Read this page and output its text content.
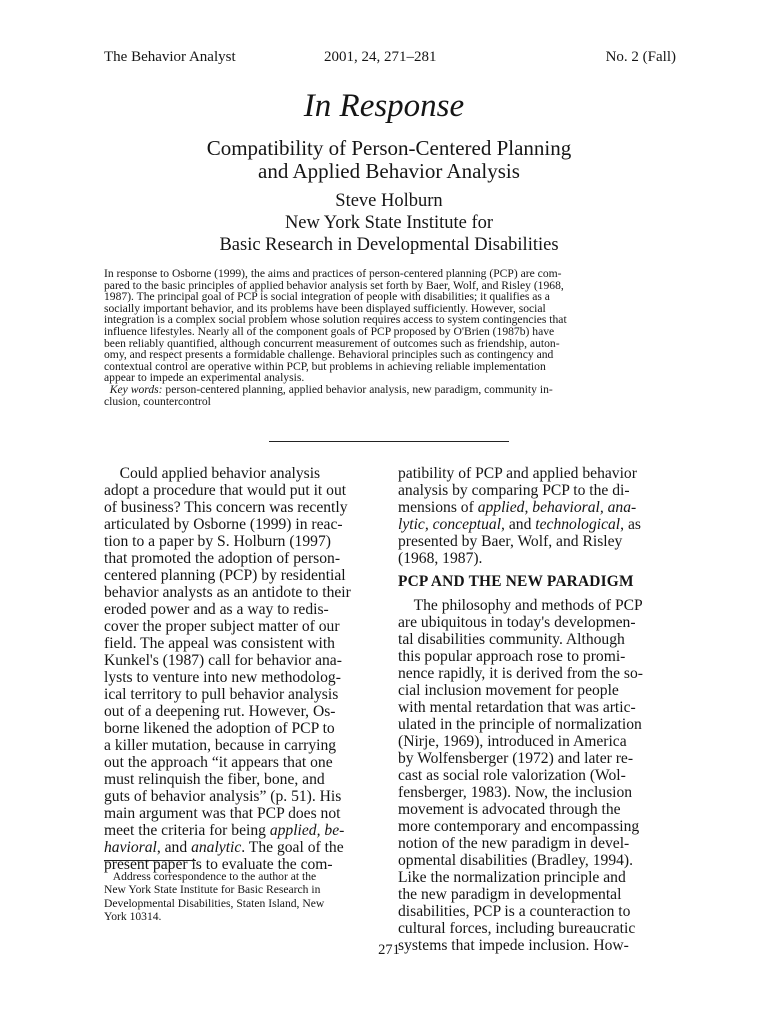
The Behavior Analyst	2001, 24, 271–281	No. 2 (Fall)
In Response
Compatibility of Person-Centered Planning
and Applied Behavior Analysis
Steve Holburn
New York State Institute for
Basic Research in Developmental Disabilities
In response to Osborne (1999), the aims and practices of person-centered planning (PCP) are com-
pared to the basic principles of applied behavior analysis set forth by Baer, Wolf, and Risley (1968,
1987). The principal goal of PCP is social integration of people with disabilities; it qualifies as a
socially important behavior, and its problems have been displayed sufficiently. However, social
integration is a complex social problem whose solution requires access to system contingencies that
influence lifestyles. Nearly all of the component goals of PCP proposed by O'Brien (1987b) have
been reliably quantified, although concurrent measurement of outcomes such as friendship, auton-
omy, and respect presents a formidable challenge. Behavioral principles such as contingency and
contextual control are operative within PCP, but problems in achieving reliable implementation
appear to impede an experimental analysis.
Key words: person-centered planning, applied behavior analysis, new paradigm, community in-
clusion, countercontrol
Could applied behavior analysis
adopt a procedure that would put it out
of business? This concern was recently
articulated by Osborne (1999) in reac-
tion to a paper by S. Holburn (1997)
that promoted the adoption of person-
centered planning (PCP) by residential
behavior analysts as an antidote to their
eroded power and as a way to redis-
cover the proper subject matter of our
field. The appeal was consistent with
Kunkel's (1987) call for behavior ana-
lysts to venture into new methodolog-
ical territory to pull behavior analysis
out of a deepening rut. However, Os-
borne likened the adoption of PCP to
a killer mutation, because in carrying
out the approach “it appears that one
must relinquish the fiber, bone, and
guts of behavior analysis” (p. 51). His
main argument was that PCP does not
meet the criteria for being applied, be-
havioral, and analytic. The goal of the
present paper is to evaluate the com-
patibility of PCP and applied behavior
analysis by comparing PCP to the di-
mensions of applied, behavioral, ana-
lytic, conceptual, and technological, as
presented by Baer, Wolf, and Risley
(1968, 1987).
PCP AND THE NEW PARADIGM
The philosophy and methods of PCP
are ubiquitous in today's developmen-
tal disabilities community. Although
this popular approach rose to promi-
nence rapidly, it is derived from the so-
cial inclusion movement for people
with mental retardation that was artic-
ulated in the principle of normalization
(Nirje, 1969), introduced in America
by Wolfensberger (1972) and later re-
cast as social role valorization (Wol-
fensberger, 1983). Now, the inclusion
movement is advocated through the
more contemporary and encompassing
notion of the new paradigm in devel-
opmental disabilities (Bradley, 1994).
Like the normalization principle and
the new paradigm in developmental
disabilities, PCP is a counteraction to
cultural forces, including bureaucratic
systems that impede inclusion. How-
Address correspondence to the author at the
New York State Institute for Basic Research in
Developmental Disabilities, Staten Island, New
York 10314.
271
